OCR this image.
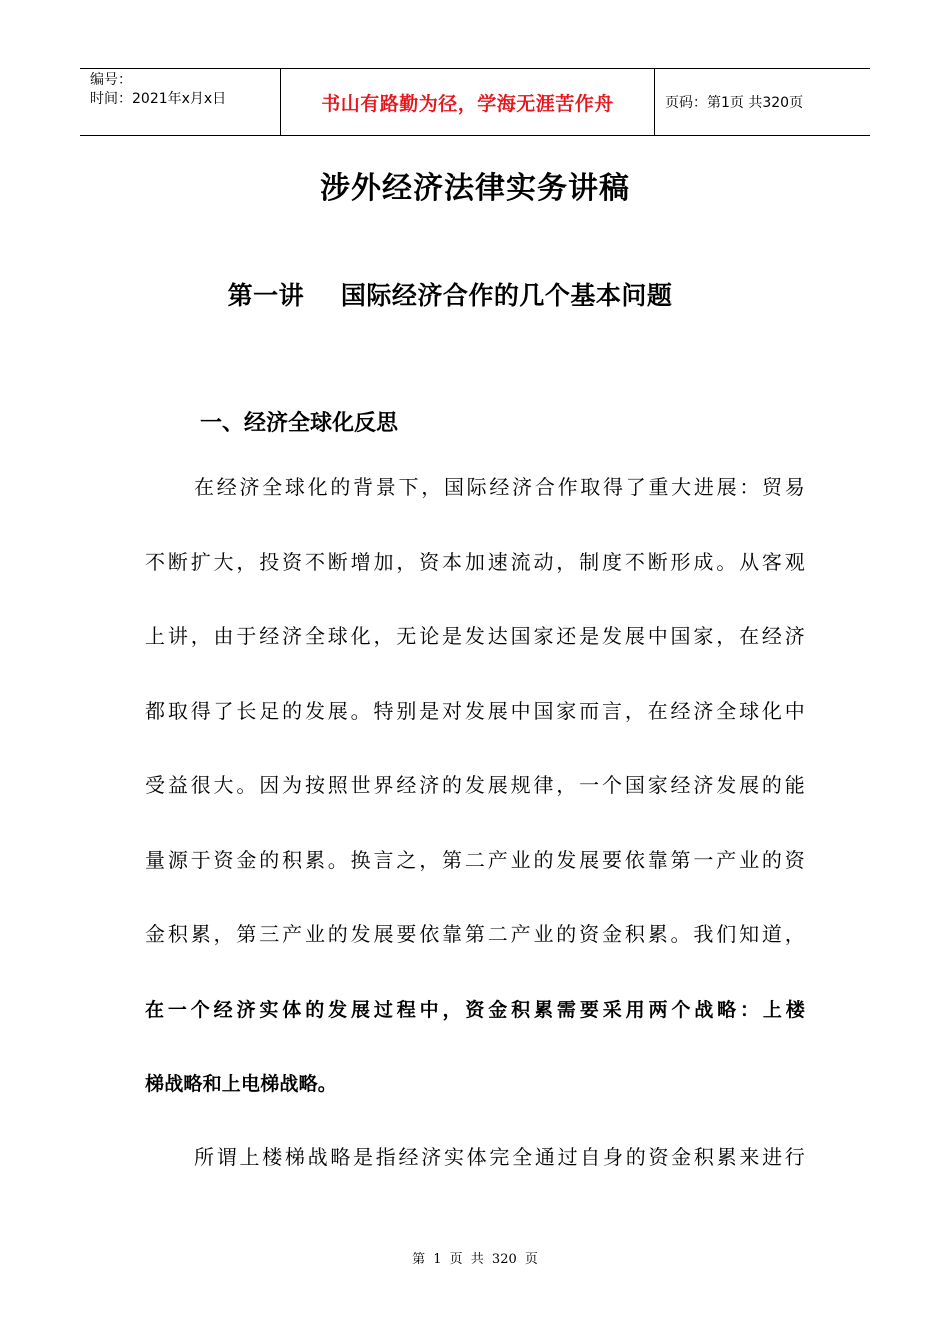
编号：
时间：2021年x月x日	书山有路勤为径，学海无涯苦作舟	页码：第1页 共320页
涉外经济法律实务讲稿
第一讲    国际经济合作的几个基本问题
一、经济全球化反思
在经济全球化的背景下，国际经济合作取得了重大进展：贸易
不断扩大，投资不断增加，资本加速流动，制度不断形成。从客观
上讲，由于经济全球化，无论是发达国家还是发展中国家，在经济
都取得了长足的发展。特别是对发展中国家而言，在经济全球化中
受益很大。因为按照世界经济的发展规律，一个国家经济发展的能
量源于资金的积累。换言之，第二产业的发展要依靠第一产业的资
金积累，第三产业的发展要依靠第二产业的资金积累。我们知道，
在一个经济实体的发展过程中，资金积累需要采用两个战略：上楼
梯战略和上电梯战略。
所谓上楼梯战略是指经济实体完全通过自身的资金积累来进行
第 1 页 共 320 页
